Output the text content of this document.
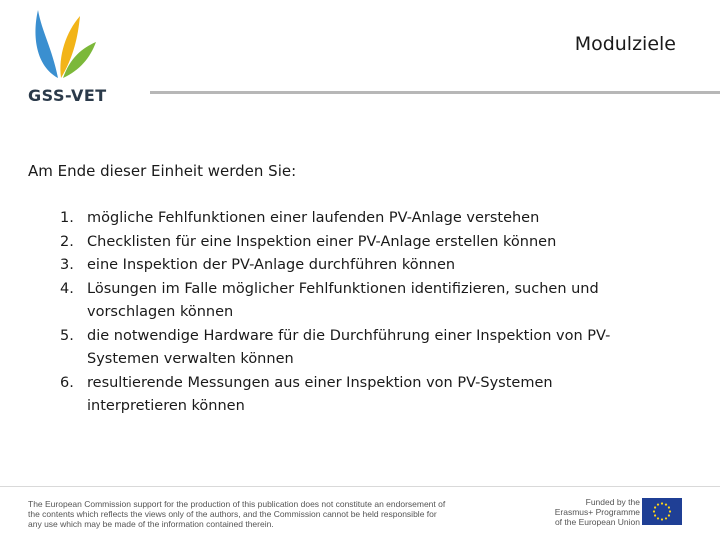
GSS-VET
Modulziele
Am Ende dieser Einheit werden Sie:
1. mögliche Fehlfunktionen einer laufenden PV-Anlage verstehen
2. Checklisten für eine Inspektion einer PV-Anlage erstellen können
3. eine Inspektion der PV-Anlage durchführen können
4. Lösungen im Falle möglicher Fehlfunktionen identifizieren, suchen und vorschlagen können
5. die notwendige Hardware für die Durchführung einer Inspektion von PV-Systemen verwalten können
6. resultierende Messungen aus einer Inspektion von PV-Systemen interpretieren können
The European Commission support for the production of this publication does not constitute an endorsement of the contents which reflects the views only of the authors, and the Commission cannot be held responsible for any use which may be made of the information contained therein.
Funded by the Erasmus+ Programme of the European Union
